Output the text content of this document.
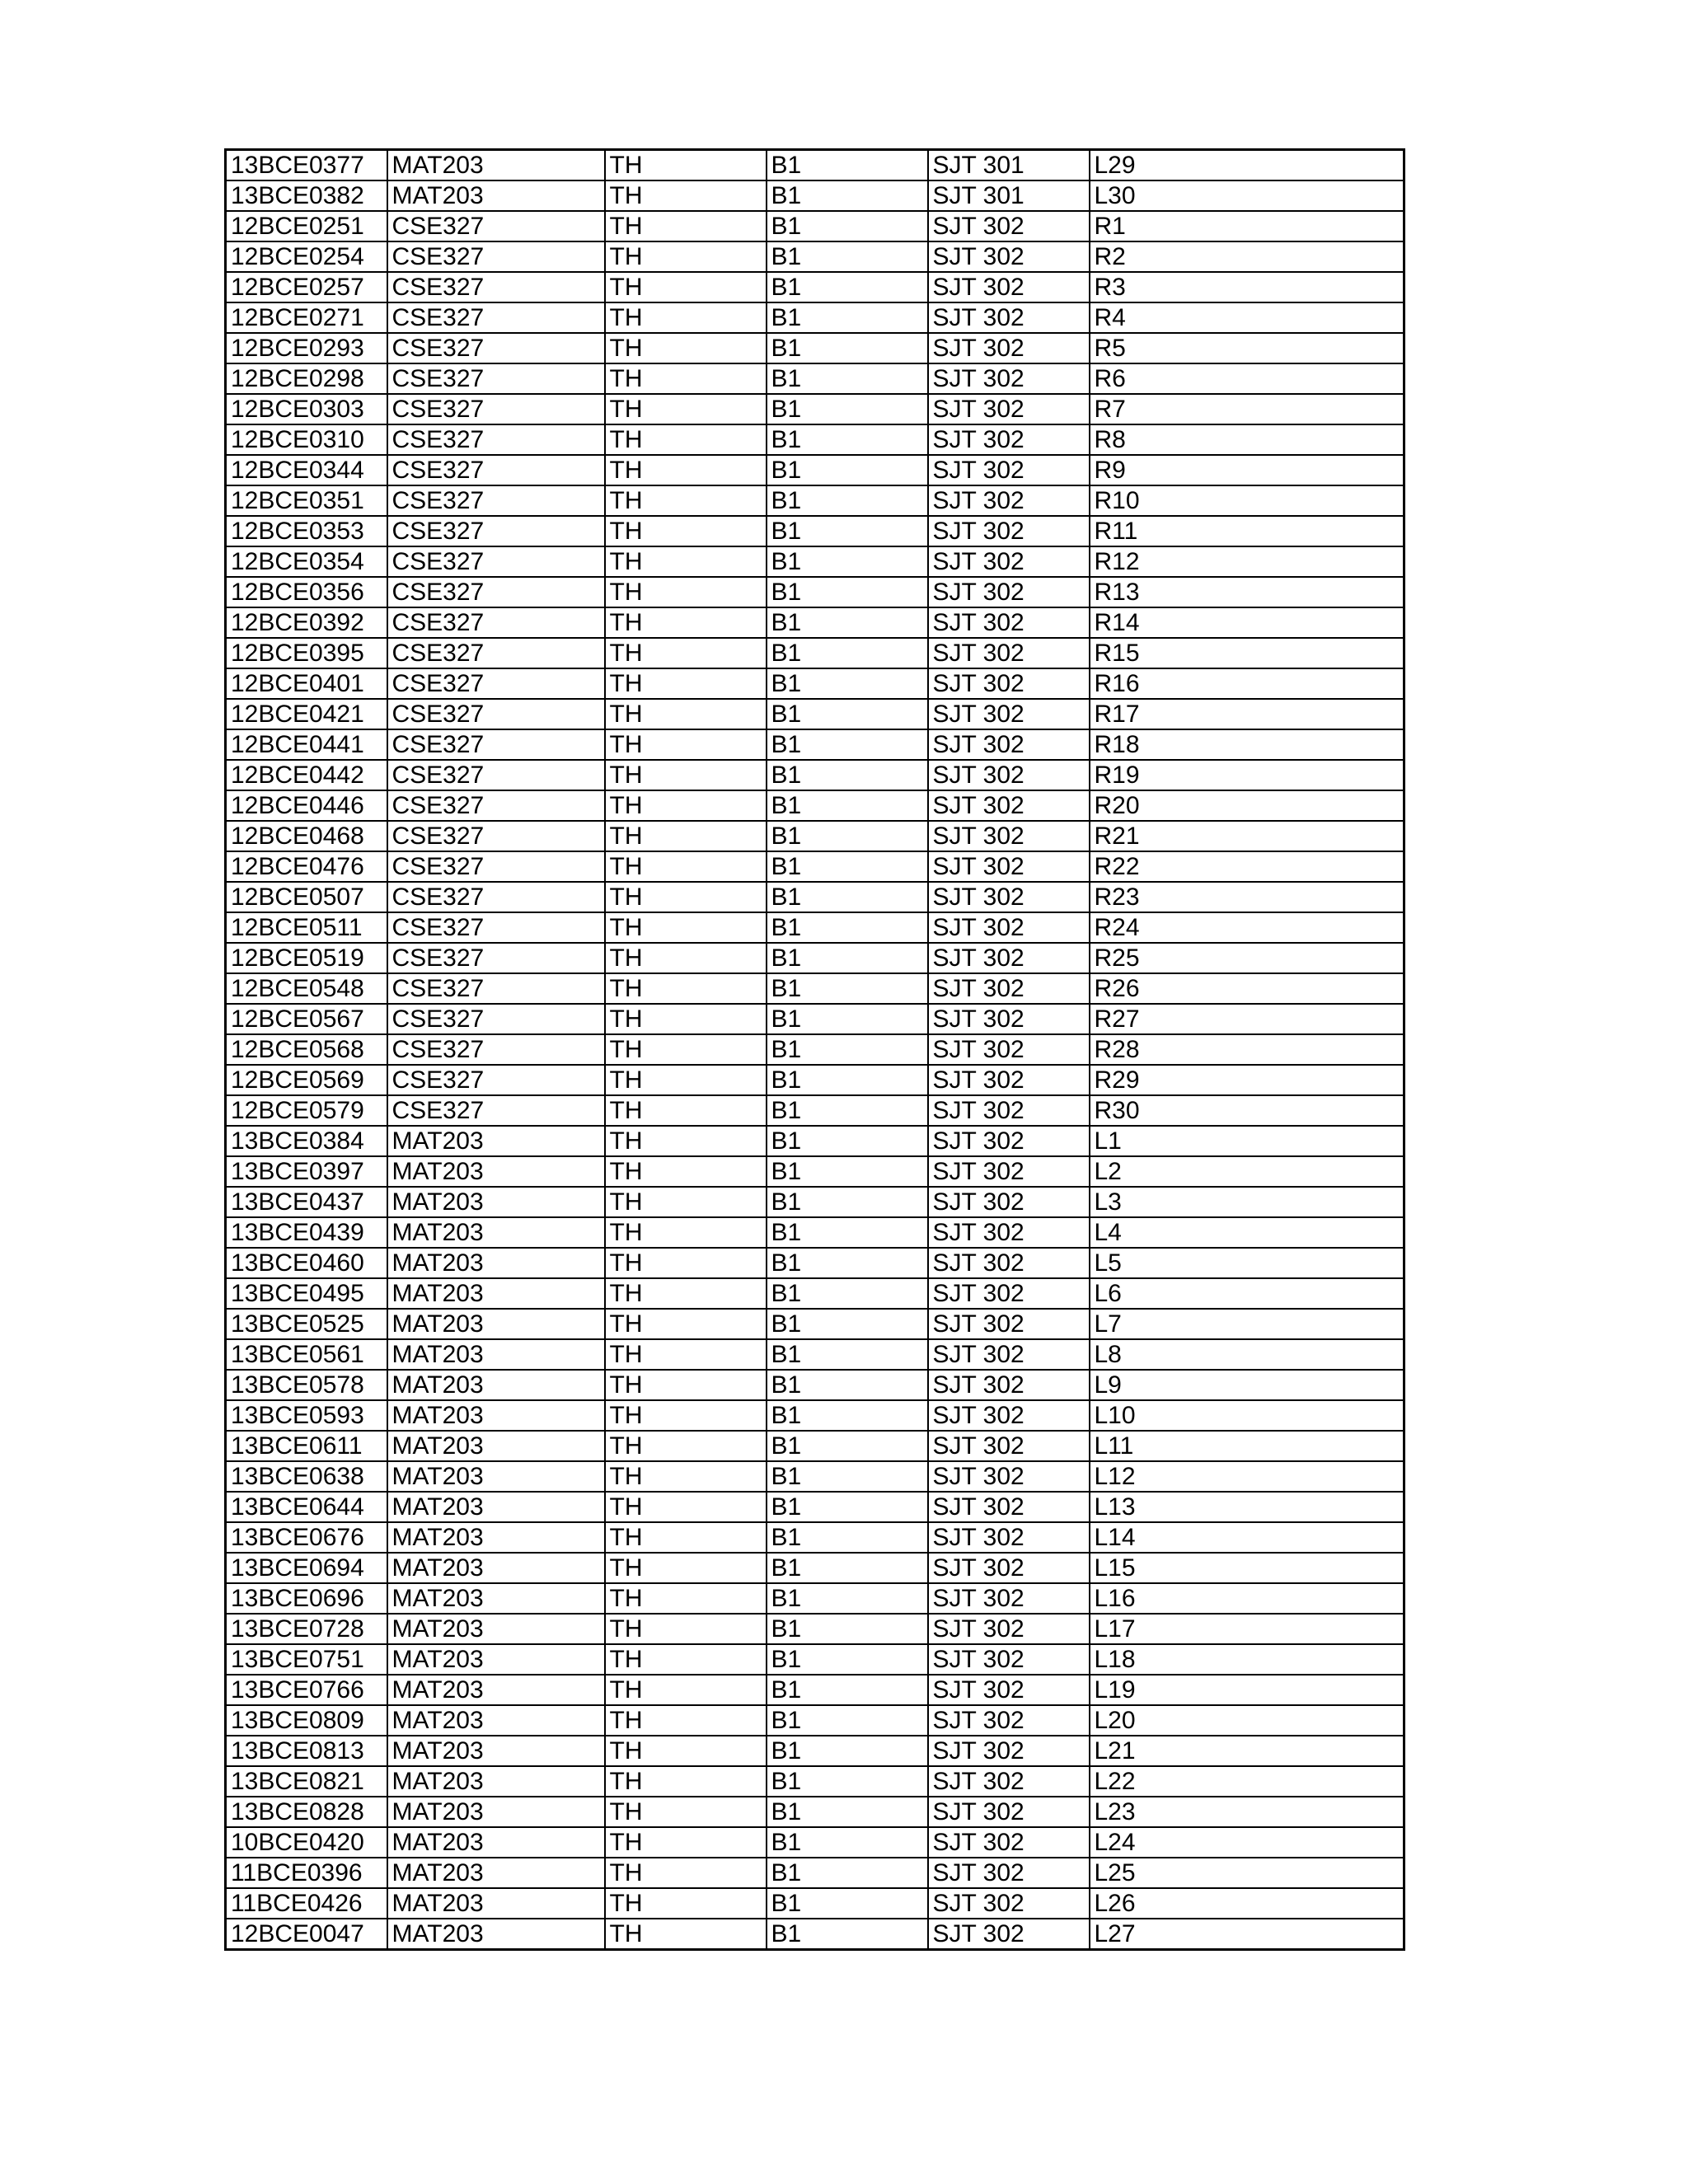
13BCE0377	MAT203	TH	B1	SJT 301	L29
13BCE0382	MAT203	TH	B1	SJT 301	L30
12BCE0251	CSE327	TH	B1	SJT 302	R1
12BCE0254	CSE327	TH	B1	SJT 302	R2
12BCE0257	CSE327	TH	B1	SJT 302	R3
12BCE0271	CSE327	TH	B1	SJT 302	R4
12BCE0293	CSE327	TH	B1	SJT 302	R5
12BCE0298	CSE327	TH	B1	SJT 302	R6
12BCE0303	CSE327	TH	B1	SJT 302	R7
12BCE0310	CSE327	TH	B1	SJT 302	R8
12BCE0344	CSE327	TH	B1	SJT 302	R9
12BCE0351	CSE327	TH	B1	SJT 302	R10
12BCE0353	CSE327	TH	B1	SJT 302	R11
12BCE0354	CSE327	TH	B1	SJT 302	R12
12BCE0356	CSE327	TH	B1	SJT 302	R13
12BCE0392	CSE327	TH	B1	SJT 302	R14
12BCE0395	CSE327	TH	B1	SJT 302	R15
12BCE0401	CSE327	TH	B1	SJT 302	R16
12BCE0421	CSE327	TH	B1	SJT 302	R17
12BCE0441	CSE327	TH	B1	SJT 302	R18
12BCE0442	CSE327	TH	B1	SJT 302	R19
12BCE0446	CSE327	TH	B1	SJT 302	R20
12BCE0468	CSE327	TH	B1	SJT 302	R21
12BCE0476	CSE327	TH	B1	SJT 302	R22
12BCE0507	CSE327	TH	B1	SJT 302	R23
12BCE0511	CSE327	TH	B1	SJT 302	R24
12BCE0519	CSE327	TH	B1	SJT 302	R25
12BCE0548	CSE327	TH	B1	SJT 302	R26
12BCE0567	CSE327	TH	B1	SJT 302	R27
12BCE0568	CSE327	TH	B1	SJT 302	R28
12BCE0569	CSE327	TH	B1	SJT 302	R29
12BCE0579	CSE327	TH	B1	SJT 302	R30
13BCE0384	MAT203	TH	B1	SJT 302	L1
13BCE0397	MAT203	TH	B1	SJT 302	L2
13BCE0437	MAT203	TH	B1	SJT 302	L3
13BCE0439	MAT203	TH	B1	SJT 302	L4
13BCE0460	MAT203	TH	B1	SJT 302	L5
13BCE0495	MAT203	TH	B1	SJT 302	L6
13BCE0525	MAT203	TH	B1	SJT 302	L7
13BCE0561	MAT203	TH	B1	SJT 302	L8
13BCE0578	MAT203	TH	B1	SJT 302	L9
13BCE0593	MAT203	TH	B1	SJT 302	L10
13BCE0611	MAT203	TH	B1	SJT 302	L11
13BCE0638	MAT203	TH	B1	SJT 302	L12
13BCE0644	MAT203	TH	B1	SJT 302	L13
13BCE0676	MAT203	TH	B1	SJT 302	L14
13BCE0694	MAT203	TH	B1	SJT 302	L15
13BCE0696	MAT203	TH	B1	SJT 302	L16
13BCE0728	MAT203	TH	B1	SJT 302	L17
13BCE0751	MAT203	TH	B1	SJT 302	L18
13BCE0766	MAT203	TH	B1	SJT 302	L19
13BCE0809	MAT203	TH	B1	SJT 302	L20
13BCE0813	MAT203	TH	B1	SJT 302	L21
13BCE0821	MAT203	TH	B1	SJT 302	L22
13BCE0828	MAT203	TH	B1	SJT 302	L23
10BCE0420	MAT203	TH	B1	SJT 302	L24
11BCE0396	MAT203	TH	B1	SJT 302	L25
11BCE0426	MAT203	TH	B1	SJT 302	L26
12BCE0047	MAT203	TH	B1	SJT 302	L27
